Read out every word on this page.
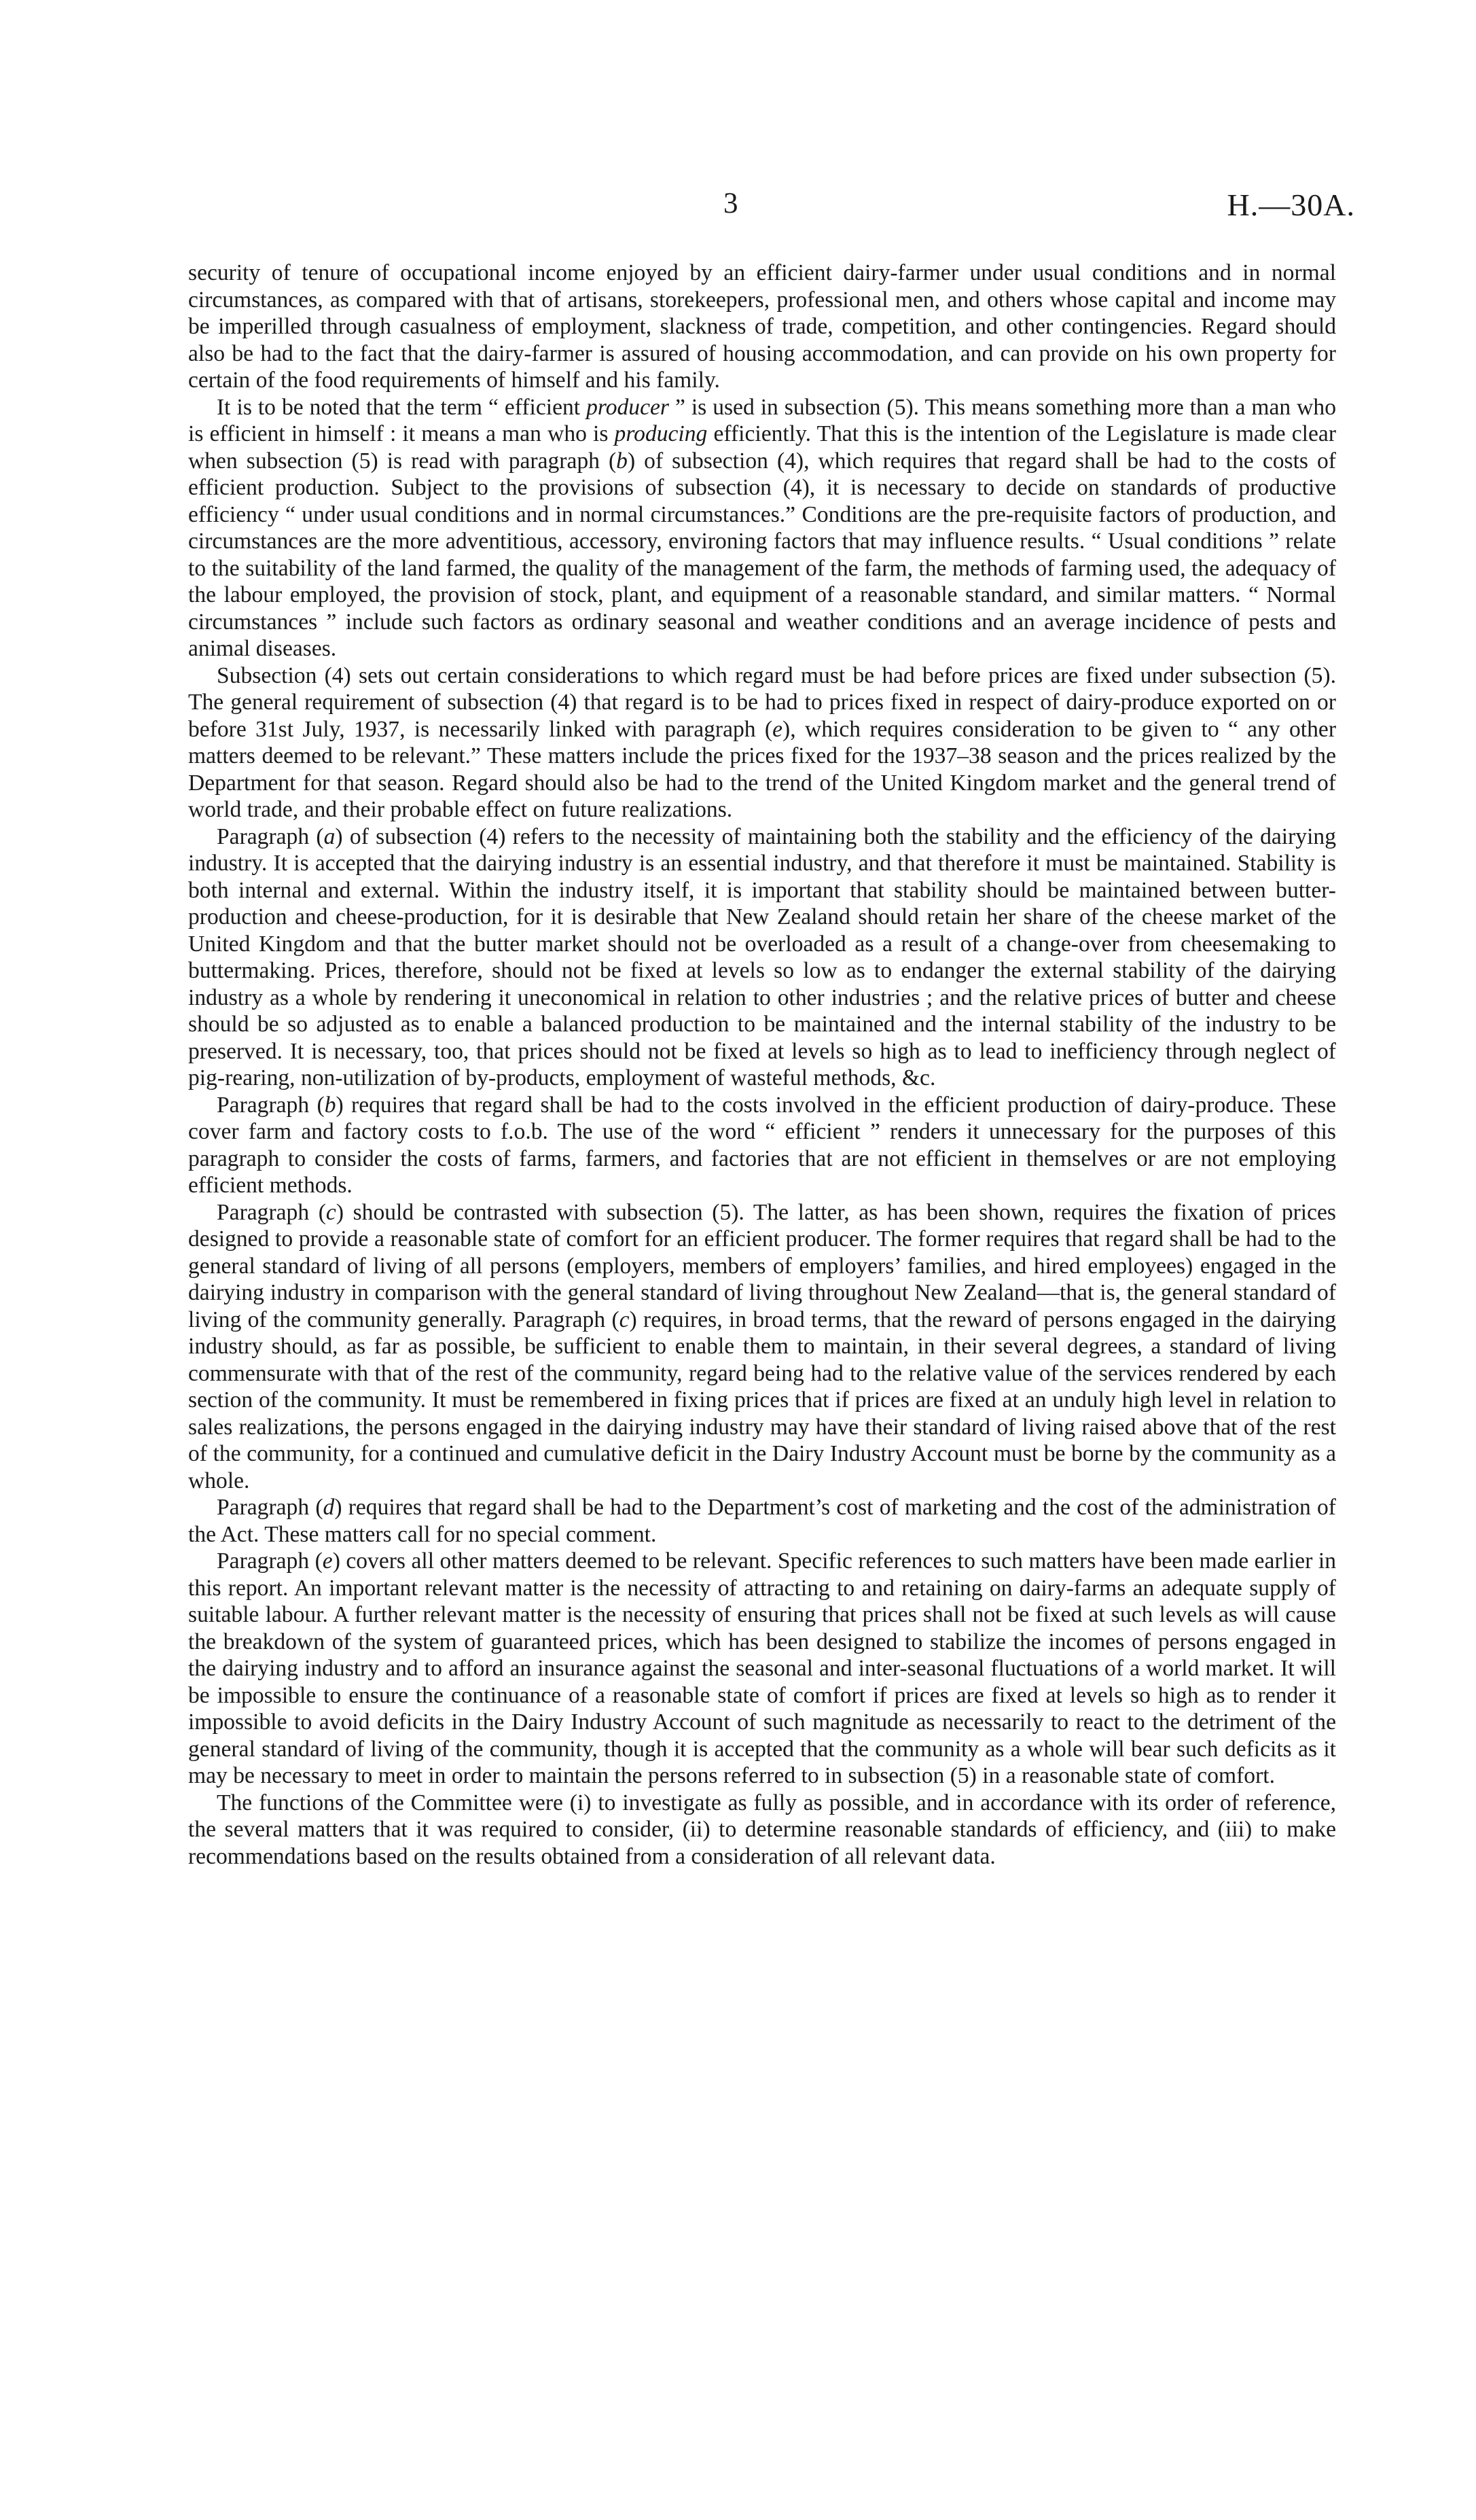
3	H.—30A.

security of tenure of occupational income enjoyed by an efficient dairy-farmer under usual conditions and in normal circumstances, as compared with that of artisans, storekeepers, professional men, and others whose capital and income may be imperilled through casualness of employment, slackness of trade, competition, and other contingencies. Regard should also be had to the fact that the dairy-farmer is assured of housing accommodation, and can provide on his own property for certain of the food requirements of himself and his family.

It is to be noted that the term “ efficient producer ” is used in subsection (5). This means something more than a man who is efficient in himself : it means a man who is producing efficiently. That this is the intention of the Legislature is made clear when subsection (5) is read with paragraph (b) of subsection (4), which requires that regard shall be had to the costs of efficient production. Subject to the provisions of subsection (4), it is necessary to decide on standards of productive efficiency “ under usual conditions and in normal circumstances.” Conditions are the pre-requisite factors of production, and circumstances are the more adventitious, accessory, environing factors that may influence results. “ Usual conditions ” relate to the suitability of the land farmed, the quality of the management of the farm, the methods of farming used, the adequacy of the labour employed, the provision of stock, plant, and equipment of a reasonable standard, and similar matters. “ Normal circumstances ” include such factors as ordinary seasonal and weather conditions and an average incidence of pests and animal diseases.

Subsection (4) sets out certain considerations to which regard must be had before prices are fixed under subsection (5). The general requirement of subsection (4) that regard is to be had to prices fixed in respect of dairy-produce exported on or before 31st July, 1937, is necessarily linked with paragraph (e), which requires consideration to be given to “ any other matters deemed to be relevant.” These matters include the prices fixed for the 1937–38 season and the prices realized by the Department for that season. Regard should also be had to the trend of the United Kingdom market and the general trend of world trade, and their probable effect on future realizations.

Paragraph (a) of subsection (4) refers to the necessity of maintaining both the stability and the efficiency of the dairying industry. It is accepted that the dairying industry is an essential industry, and that therefore it must be maintained. Stability is both internal and external. Within the industry itself, it is important that stability should be maintained between butter-production and cheese-production, for it is desirable that New Zealand should retain her share of the cheese market of the United Kingdom and that the butter market should not be overloaded as a result of a change-over from cheesemaking to buttermaking. Prices, therefore, should not be fixed at levels so low as to endanger the external stability of the dairying industry as a whole by rendering it uneconomical in relation to other industries ; and the relative prices of butter and cheese should be so adjusted as to enable a balanced production to be maintained and the internal stability of the industry to be preserved. It is necessary, too, that prices should not be fixed at levels so high as to lead to inefficiency through neglect of pig-rearing, non-utilization of by-products, employment of wasteful methods, &c.

Paragraph (b) requires that regard shall be had to the costs involved in the efficient production of dairy-produce. These cover farm and factory costs to f.o.b. The use of the word “ efficient ” renders it unnecessary for the purposes of this paragraph to consider the costs of farms, farmers, and factories that are not efficient in themselves or are not employing efficient methods.

Paragraph (c) should be contrasted with subsection (5). The latter, as has been shown, requires the fixation of prices designed to provide a reasonable state of comfort for an efficient producer. The former requires that regard shall be had to the general standard of living of all persons (employers, members of employers’ families, and hired employees) engaged in the dairying industry in comparison with the general standard of living throughout New Zealand—that is, the general standard of living of the community generally. Paragraph (c) requires, in broad terms, that the reward of persons engaged in the dairying industry should, as far as possible, be sufficient to enable them to maintain, in their several degrees, a standard of living commensurate with that of the rest of the community, regard being had to the relative value of the services rendered by each section of the community. It must be remembered in fixing prices that if prices are fixed at an unduly high level in relation to sales realizations, the persons engaged in the dairying industry may have their standard of living raised above that of the rest of the community, for a continued and cumulative deficit in the Dairy Industry Account must be borne by the community as a whole.

Paragraph (d) requires that regard shall be had to the Department’s cost of marketing and the cost of the administration of the Act. These matters call for no special comment.

Paragraph (e) covers all other matters deemed to be relevant. Specific references to such matters have been made earlier in this report. An important relevant matter is the necessity of attracting to and retaining on dairy-farms an adequate supply of suitable labour. A further relevant matter is the necessity of ensuring that prices shall not be fixed at such levels as will cause the breakdown of the system of guaranteed prices, which has been designed to stabilize the incomes of persons engaged in the dairying industry and to afford an insurance against the seasonal and inter-seasonal fluctuations of a world market. It will be impossible to ensure the continuance of a reasonable state of comfort if prices are fixed at levels so high as to render it impossible to avoid deficits in the Dairy Industry Account of such magnitude as necessarily to react to the detriment of the general standard of living of the community, though it is accepted that the community as a whole will bear such deficits as it may be necessary to meet in order to maintain the persons referred to in subsection (5) in a reasonable state of comfort.

The functions of the Committee were (i) to investigate as fully as possible, and in accordance with its order of reference, the several matters that it was required to consider, (ii) to determine reasonable standards of efficiency, and (iii) to make recommendations based on the results obtained from a consideration of all relevant data.
